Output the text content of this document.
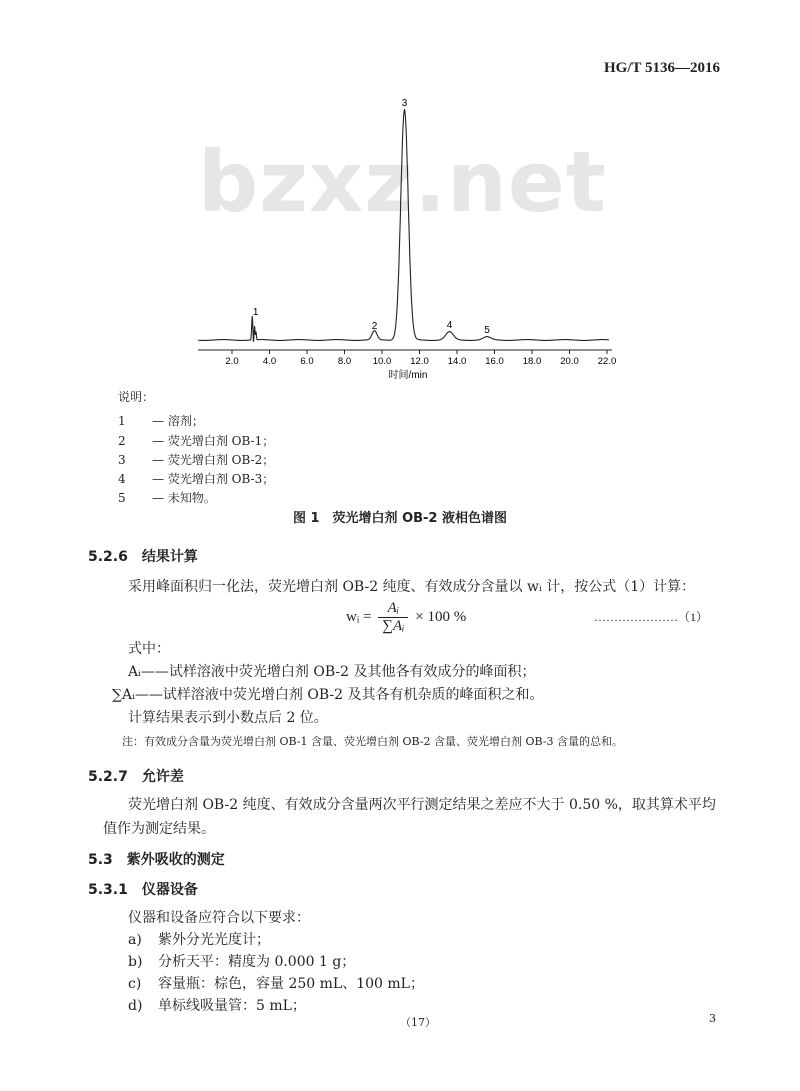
HG/T 5136—2016
bzxz.net
2.0	4.0	6.0	8.0 10.0 12.0 14.0 16.0 18.0 20.0 22.0
1
2
3
4	5
时间/min
说明：
1 — 溶剂；
2 — 荧光增白剂 OB-1；
3 — 荧光增白剂 OB-2；
4 — 荧光增白剂 OB-3；
5 — 未知物。
图 1　荧光增白剂 OB-2 液相色谱图
5.2.6　结果计算
采用峰面积归一化法，荧光增白剂 OB-2 纯度、有效成分含量以 wᵢ 计，按公式（1）计算：
wᵢ = $\frac{\text{Aᵢ}}{\text{∑Aᵢ}} \times 100$ %	…………………（1）
式中：
Aᵢ——试样溶液中荧光增白剂 OB-2 及其他各有效成分的峰面积；
∑Aᵢ——试样溶液中荧光增白剂 OB-2 及其各有机杂质的峰面积之和。
计算结果表示到小数点后 2 位。
注：有效成分含量为荧光增白剂 OB-1 含量、荧光增白剂 OB-2 含量、荧光增白剂 OB-3 含量的总和。
5.2.7　允许差
荧光增白剂 OB-2 纯度、有效成分含量两次平行测定结果之差应不大于 0.50 %，取其算术平均
值作为测定结果。
5.3　紫外吸收的测定
5.3.1　仪器设备
仪器和设备应符合以下要求：
a) 紫外分光光度计；
b) 分析天平：精度为 0.000 1 g；
c) 容量瓶：棕色，容量 250 mL、100 mL；
d) 单标线吸量管：5 mL；
（17）	3
